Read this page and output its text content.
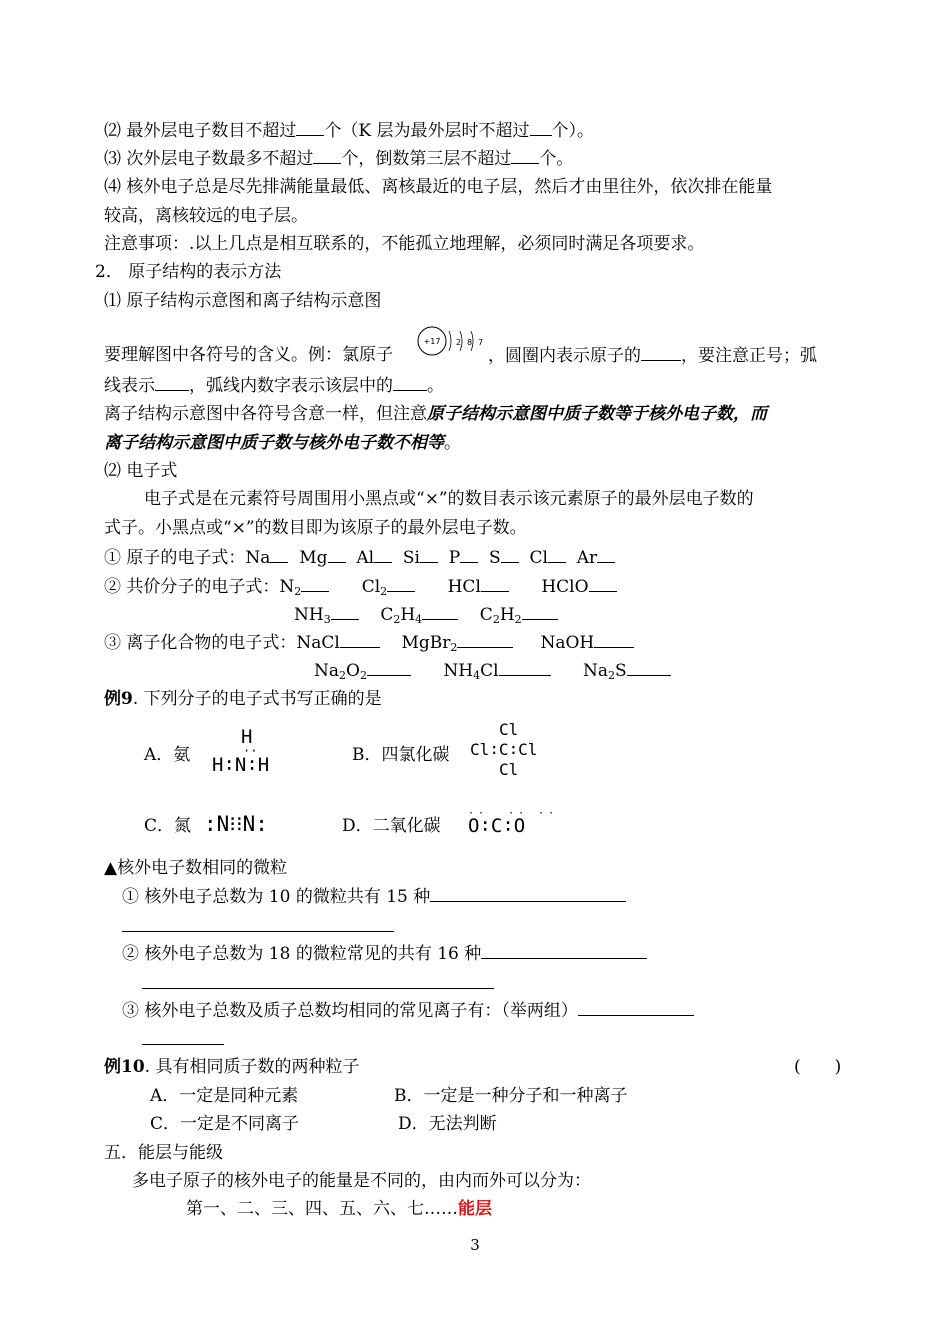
⑵ 最外层电子数目不超过 个（K 层为最外层时不超过 个）。
⑶ 次外层电子数最多不超过 个，倒数第三层不超过 个。
⑷ 核外电子总是尽先排满能量最低、离核最近的电子层，然后才由里往外，依次排在能量
较高，离核较远的电子层。
注意事项：.以上几点是相互联系的，不能孤立地理解，必须同时满足各项要求。
2． 原子结构的表示方法
⑴ 原子结构示意图和离子结构示意图
要理解图中各符号的含义。例：氯原子
+17 2 8 7
，圆圈内表示原子的 ，要注意正号；弧
线表示 ，弧线内数字表示该层中的 。
离子结构示意图中各符号含意一样，但注意原子结构示意图中质子数等于核外电子数，而
离子结构示意图中质子数与核外电子数不相等。
⑵ 电子式
电子式是在元素符号周围用小黑点或“×”的数目表示该元素原子的最外层电子数的
式子。小黑点或“×”的数目即为该原子的最外层电子数。
① 原子的电子式：Na Mg Al Si P S Cl Ar
② 共价分子的电子式：$N_2$	$Cl_2$	HCl	HClO
$NH_3$	$C_2H_4$	$C_2H_2$
③ 离子化合物的电子式：NaCl	MgBr$_2$	NaOH
$Na_2O_2$	$NH_4Cl$	$Na_2S$
例9. 下列分子的电子式书写正确的是
A．氨
H
··
H∶N∶H	B．四氯化碳
Cl
Cl∶C∶Cl
Cl
C．氮 :N⁝⁝N:	D．二氧化碳
··  ·· ··
O∶C∶O
▲核外电子数相同的微粒
① 核外电子总数为 10 的微粒共有 15 种
② 核外电子总数为 18 的微粒常见的共有 16 种
③ 核外电子总数及质子总数均相同的常见离子有：（举两组）
例10. 具有相同质子数的两种粒子	(　　)
A．一定是同种元素	B．一定是一种分子和一种离子
C．一定是不同离子	D．无法判断
五．能层与能级
多电子原子的核外电子的能量是不同的，由内而外可以分为：
第一、二、三、四、五、六、七……能层
3
